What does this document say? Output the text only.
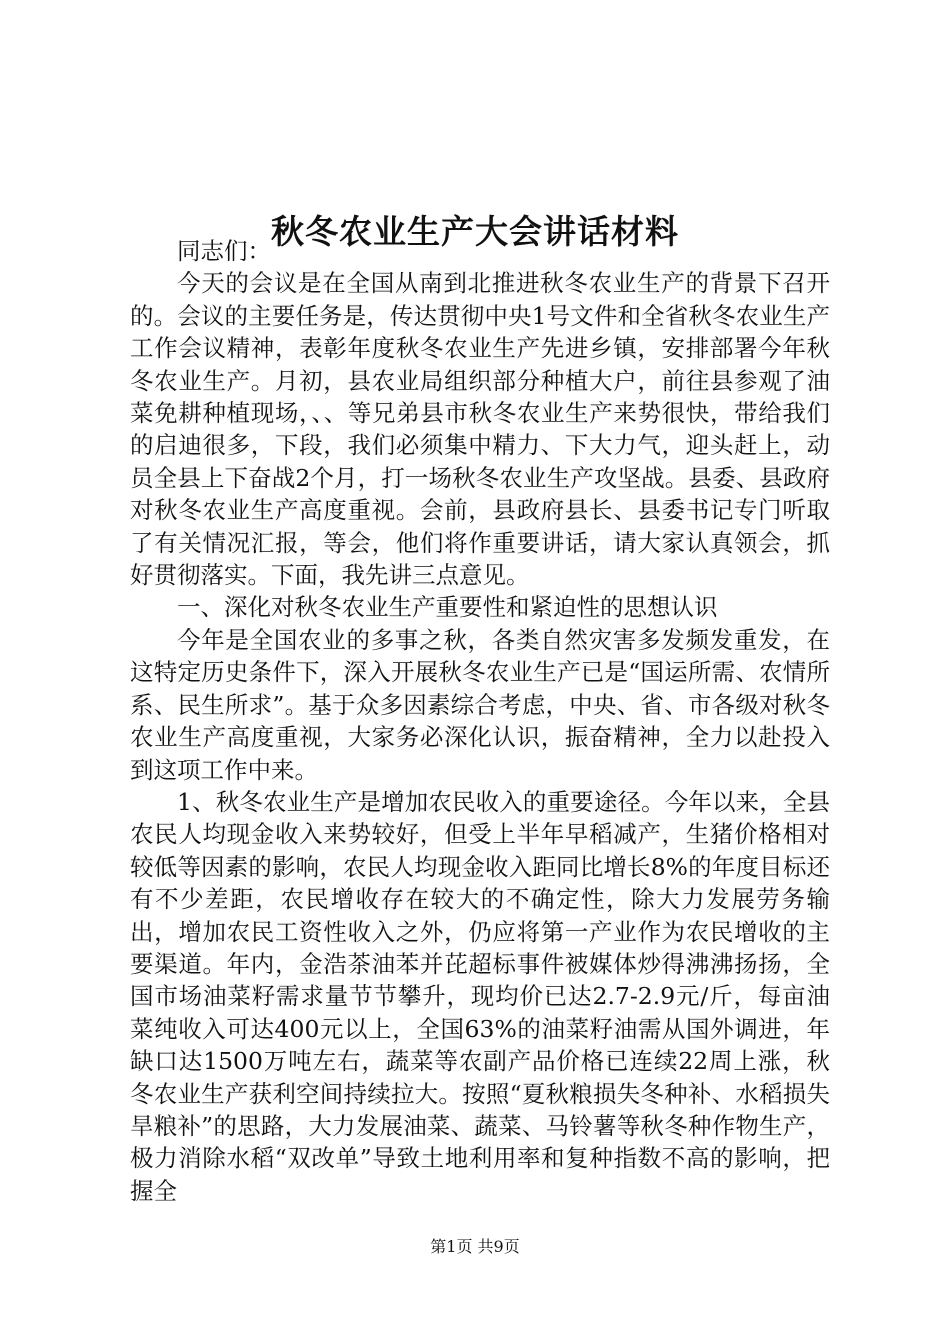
秋冬农业生产大会讲话材料

同志们：

今天的会议是在全国从南到北推进秋冬农业生产的背景下召开的。会议的主要任务是，传达贯彻中央1号文件和全省秋冬农业生产工作会议精神，表彰年度秋冬农业生产先进乡镇，安排部署今年秋冬农业生产。月初，县农业局组织部分种植大户，前往县参观了油菜免耕种植现场，、、等兄弟县市秋冬农业生产来势很快，带给我们的启迪很多，下段，我们必须集中精力、下大力气，迎头赶上，动员全县上下奋战2个月，打一场秋冬农业生产攻坚战。县委、县政府对秋冬农业生产高度重视。会前，县政府县长、县委书记专门听取了有关情况汇报，等会，他们将作重要讲话，请大家认真领会，抓好贯彻落实。下面，我先讲三点意见。

一、深化对秋冬农业生产重要性和紧迫性的思想认识

今年是全国农业的多事之秋，各类自然灾害多发频发重发，在这特定历史条件下，深入开展秋冬农业生产已是“国运所需、农情所系、民生所求”。基于众多因素综合考虑，中央、省、市各级对秋冬农业生产高度重视，大家务必深化认识，振奋精神，全力以赴投入到这项工作中来。

1、秋冬农业生产是增加农民收入的重要途径。今年以来，全县农民人均现金收入来势较好，但受上半年早稻减产，生猪价格相对较低等因素的影响，农民人均现金收入距同比增长8%的年度目标还有不少差距，农民增收存在较大的不确定性，除大力发展劳务输出，增加农民工资性收入之外，仍应将第一产业作为农民增收的主要渠道。年内，金浩茶油苯并芘超标事件被媒体炒得沸沸扬扬，全国市场油菜籽需求量节节攀升，现均价已达2.7-2.9元/斤，每亩油菜纯收入可达400元以上，全国63%的油菜籽油需从国外调进，年缺口达1500万吨左右，蔬菜等农副产品价格已连续22周上涨，秋冬农业生产获利空间持续拉大。按照“夏秋粮损失冬种补、水稻损失旱粮补”的思路，大力发展油菜、蔬菜、马铃薯等秋冬种作物生产，极力消除水稻“双改单”导致土地利用率和复种指数不高的影响，把握全

第1页 共9页
